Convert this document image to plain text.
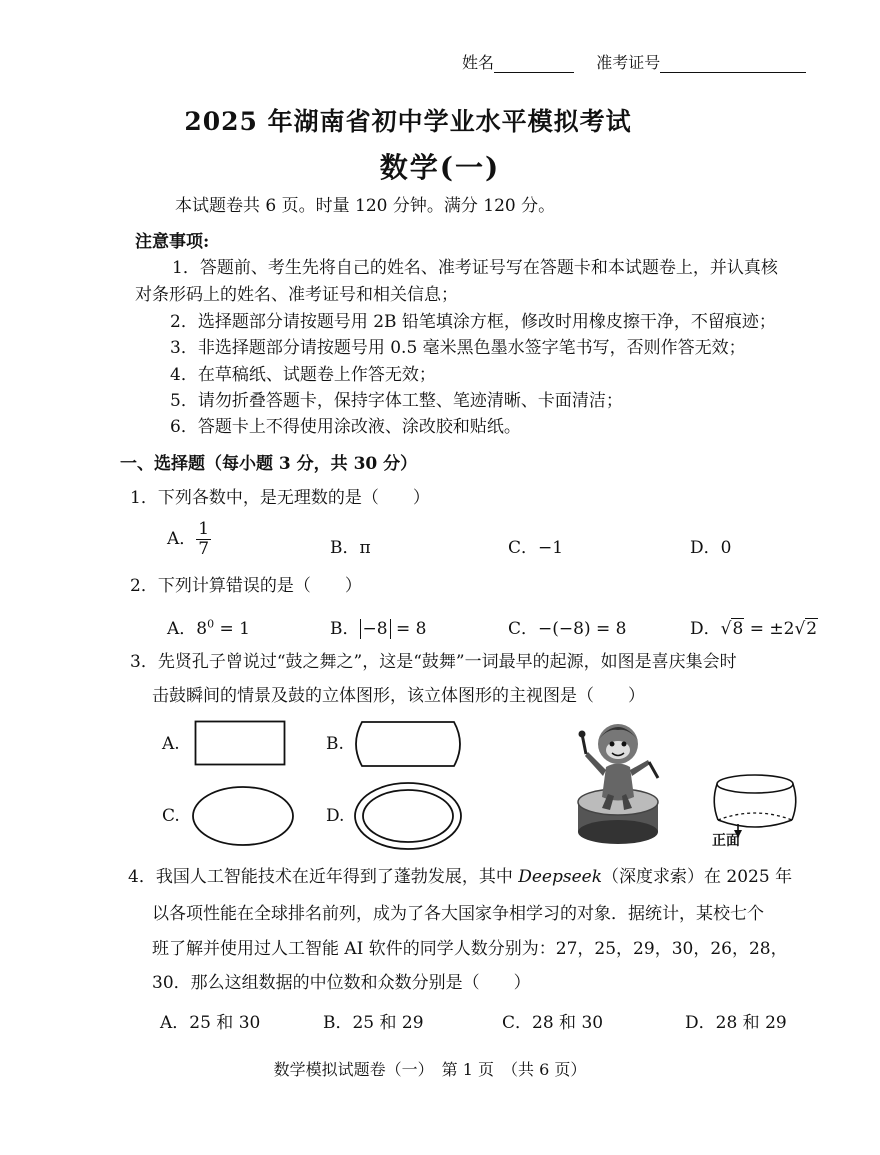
姓名	准考证号
2025 年湖南省初中学业水平模拟考试
数学(一)
本试题卷共 6 页。时量 120 分钟。满分 120 分。
注意事项:
1．答题前、考生先将自己的姓名、准考证号写在答题卡和本试题卷上，并认真核
对条形码上的姓名、准考证号和相关信息；
2．选择题部分请按题号用 2B 铅笔填涂方框，修改时用橡皮擦干净，不留痕迹；
3．非选择题部分请按题号用 0.5 毫米黑色墨水签字笔书写，否则作答无效；
4．在草稿纸、试题卷上作答无效；
5．请勿折叠答题卡，保持字体工整、笔迹清晰、卡面清洁；
6．答题卡上不得使用涂改液、涂改胶和贴纸。
一、选择题（每小题 3 分，共 30 分）
1．下列各数中，是无理数的是（　　）
A． $\frac{1}{7}$	B．π	C．−1	D．0
2．下列计算错误的是（　　）
A．$8^0 = 1$	B． −8 = 8	C．−(−8) = 8	D．√8 = ±2√2
3．先贤孔子曾说过“鼓之舞之”，这是“鼓舞”一词最早的起源，如图是喜庆集会时
击鼓瞬间的情景及鼓的立体图形，该立体图形的主视图是（　　）
A.	B.
C.	D.
正面
4．我国人工智能技术在近年得到了蓬勃发展，其中 Deepseek（深度求索）在 2025 年
以各项性能在全球排名前列，成为了各大国家争相学习的对象．据统计，某校七个
班了解并使用过人工智能 AI 软件的同学人数分别为：27，25，29，30，26，28，
30．那么这组数据的中位数和众数分别是（　　）
A．25 和 30	B．25 和 29	C．28 和 30	D．28 和 29
数学模拟试题卷（一）　第 1 页　（共 6 页）
